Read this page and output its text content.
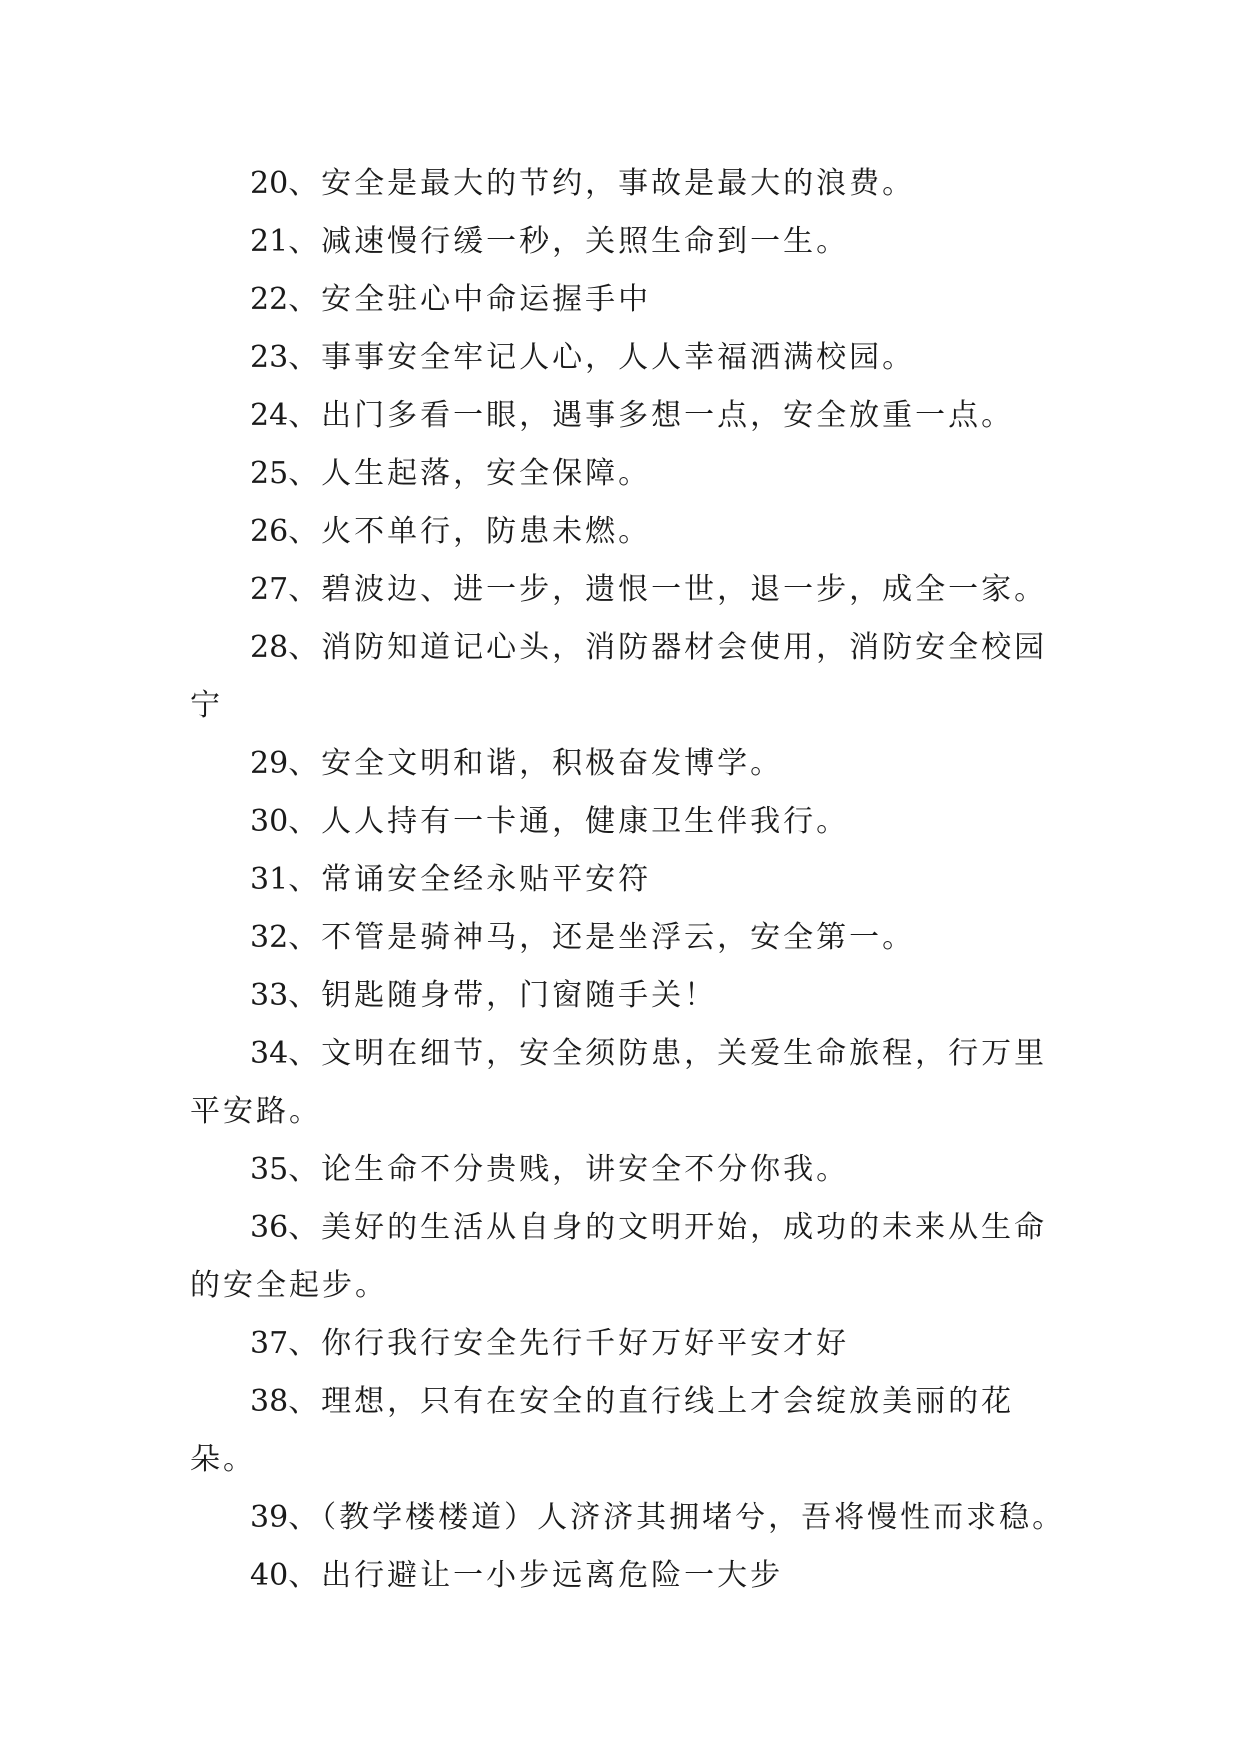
20、安全是最大的节约，事故是最大的浪费。

21、减速慢行缓一秒，关照生命到一生。

22、安全驻心中命运握手中

23、事事安全牢记人心，人人幸福洒满校园。

24、出门多看一眼，遇事多想一点，安全放重一点。

25、人生起落，安全保障。

26、火不单行，防患未燃。

27、碧波边、进一步，遗恨一世，退一步，成全一家。

28、消防知道记心头，消防器材会使用，消防安全校园宁

29、安全文明和谐，积极奋发博学。

30、人人持有一卡通，健康卫生伴我行。

31、常诵安全经永贴平安符

32、不管是骑神马，还是坐浮云，安全第一。

33、钥匙随身带，门窗随手关！

34、文明在细节，安全须防患，关爱生命旅程，行万里平安路。

35、论生命不分贵贱，讲安全不分你我。

36、美好的生活从自身的文明开始，成功的未来从生命的安全起步。

37、你行我行安全先行千好万好平安才好

38、理想，只有在安全的直行线上才会绽放美丽的花朵。

39、（教学楼楼道）人济济其拥堵兮，吾将慢性而求稳。

40、出行避让一小步远离危险一大步
